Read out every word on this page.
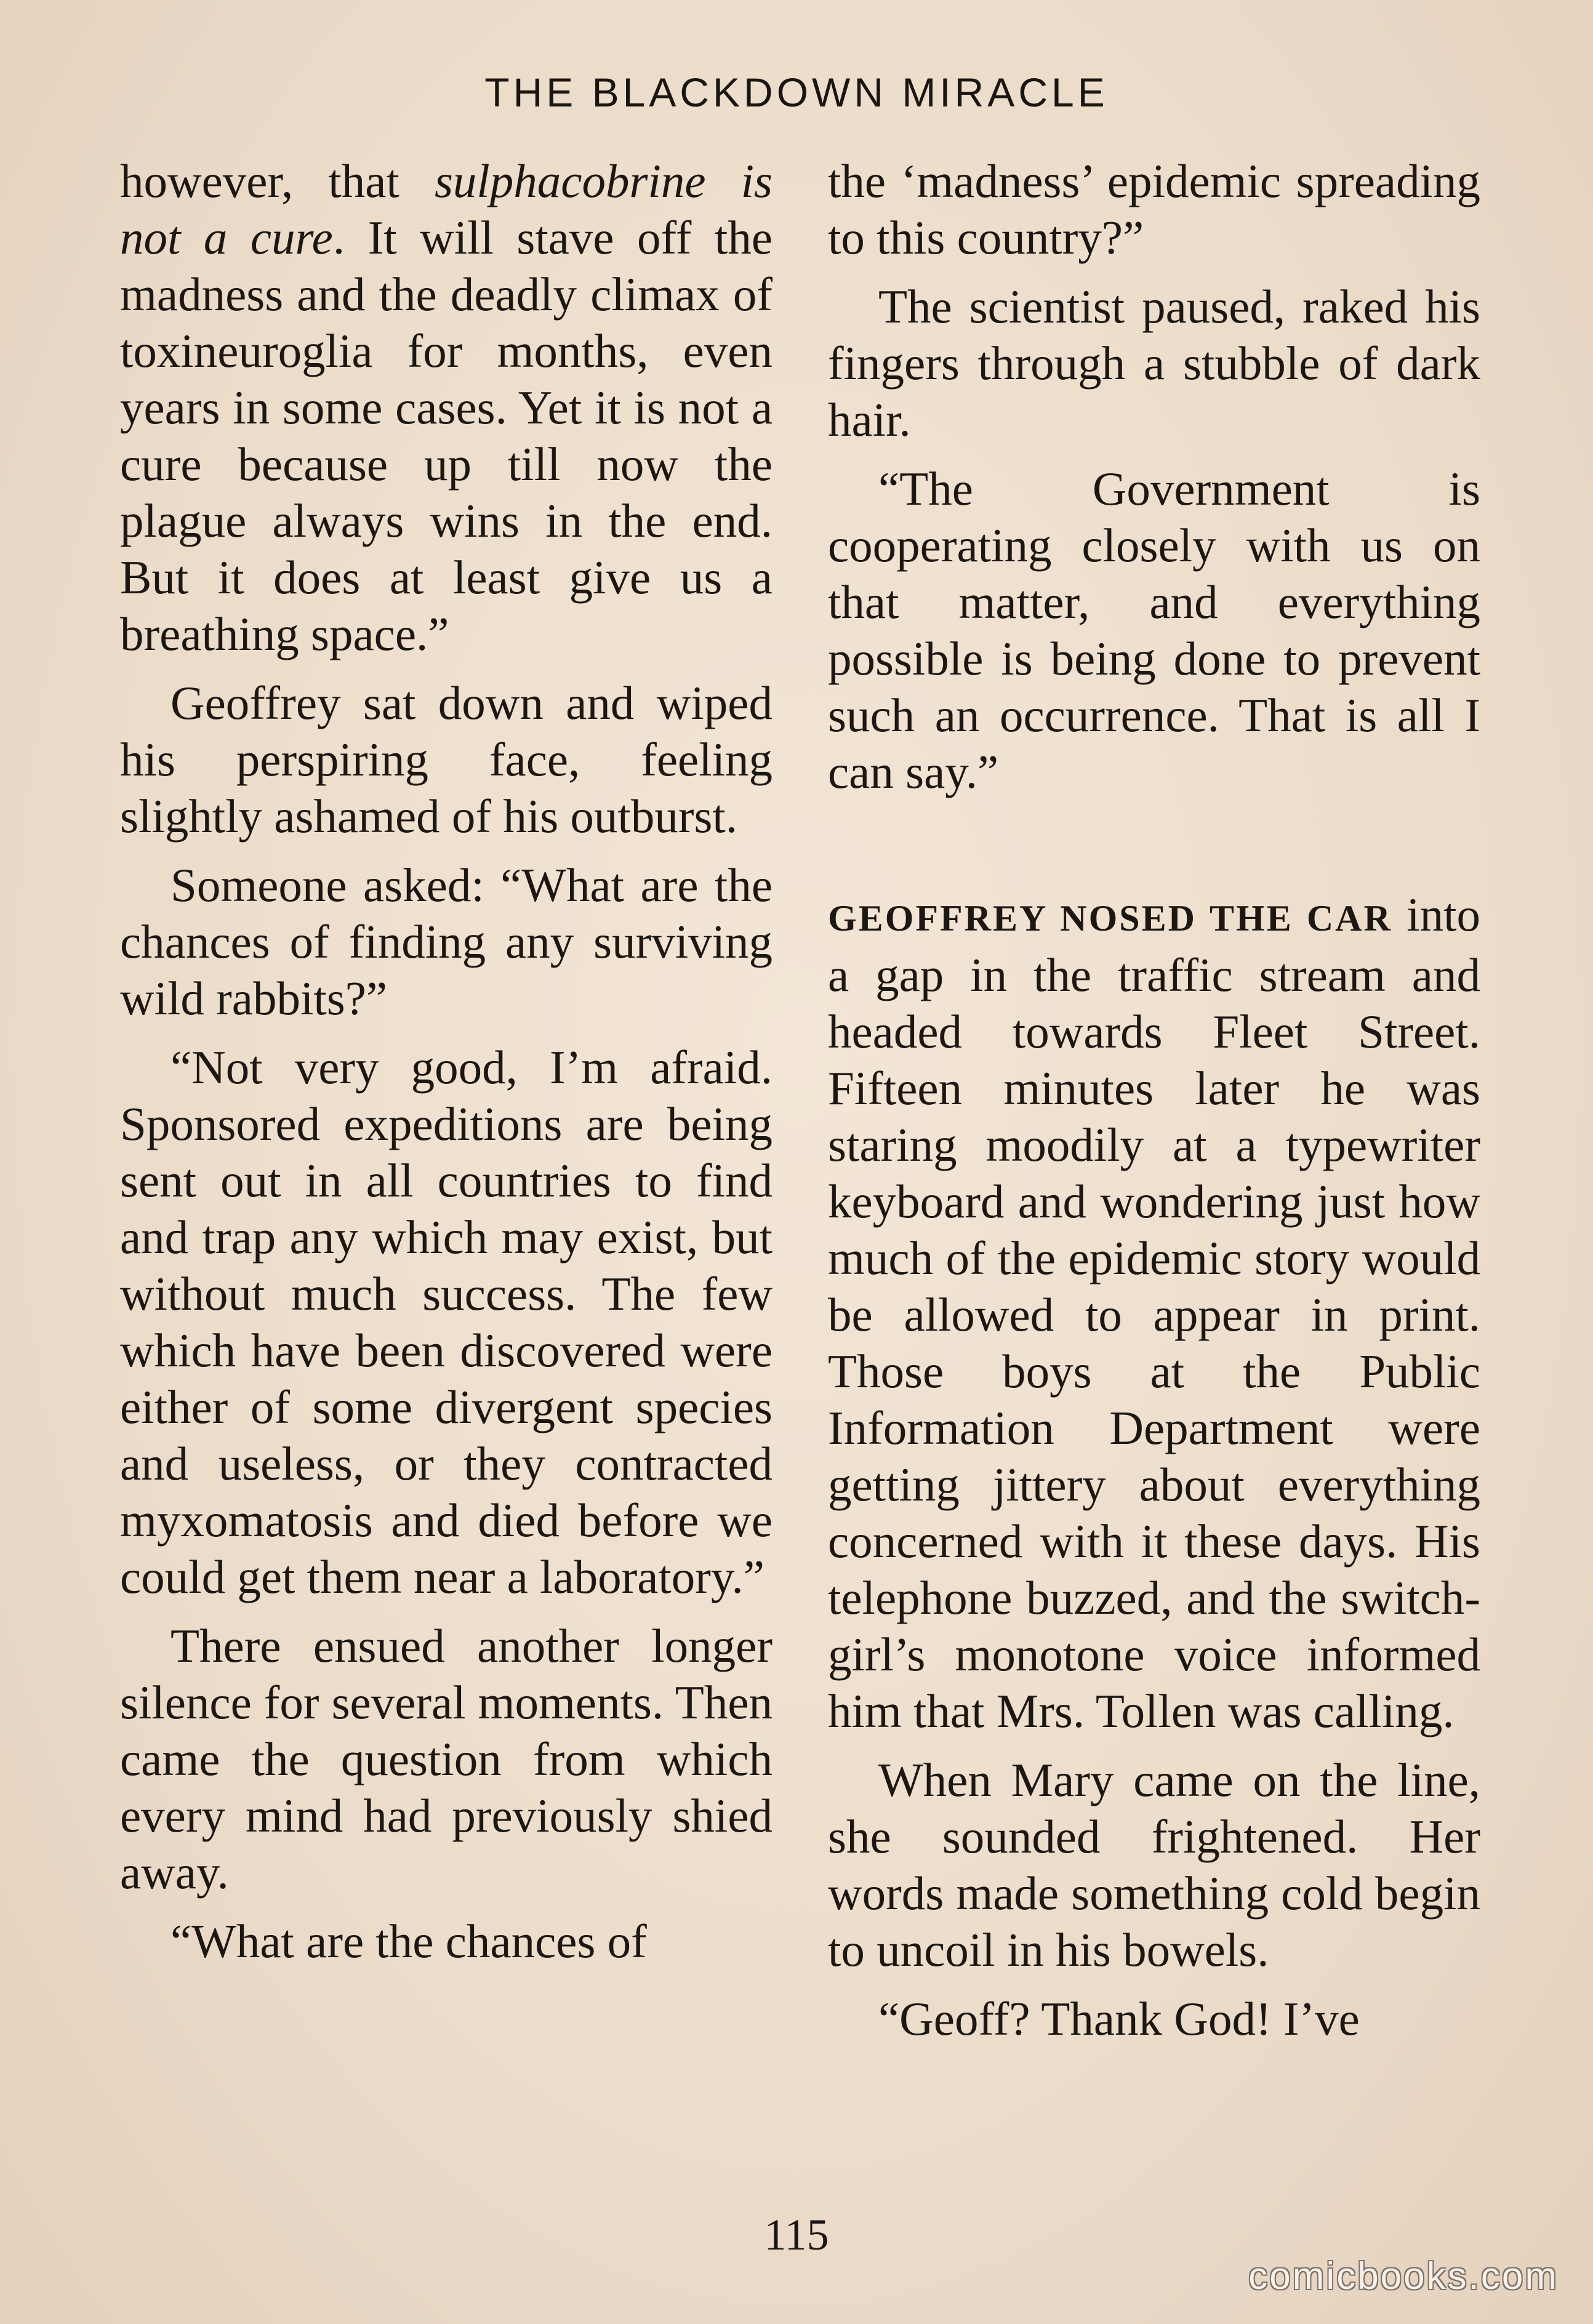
THE BLACKDOWN MIRACLE

however, that sulphacobrine is not a cure. It will stave off the madness and the deadly climax of toxineuroglia for months, even years in some cases. Yet it is not a cure because up till now the plague always wins in the end. But it does at least give us a breathing space.”

Geoffrey sat down and wiped his perspiring face, feeling slightly ashamed of his outburst.

Someone asked: “What are the chances of finding any surviving wild rabbits?”

“Not very good, I’m afraid. Sponsored expeditions are being sent out in all countries to find and trap any which may exist, but without much success. The few which have been discovered were either of some divergent species and useless, or they contracted myxomatosis and died before we could get them near a laboratory.”

There ensued another longer silence for several moments. Then came the question from which every mind had previously shied away.

“What are the chances of

the ‘madness’ epidemic spreading to this country?”

The scientist paused, raked his fingers through a stubble of dark hair.

“The Government is cooperating closely with us on that matter, and everything possible is being done to prevent such an occurrence. That is all I can say.”

GEOFFREY NOSED THE CAR into a gap in the traffic stream and headed towards Fleet Street. Fifteen minutes later he was staring moodily at a typewriter keyboard and wondering just how much of the epidemic story would be allowed to appear in print. Those boys at the Public Information Department were getting jittery about everything concerned with it these days. His telephone buzzed, and the switch-girl’s monotone voice informed him that Mrs. Tollen was calling.

When Mary came on the line, she sounded frightened. Her words made something cold begin to uncoil in his bowels.

“Geoff? Thank God! I’ve

115
comicbooks.com
